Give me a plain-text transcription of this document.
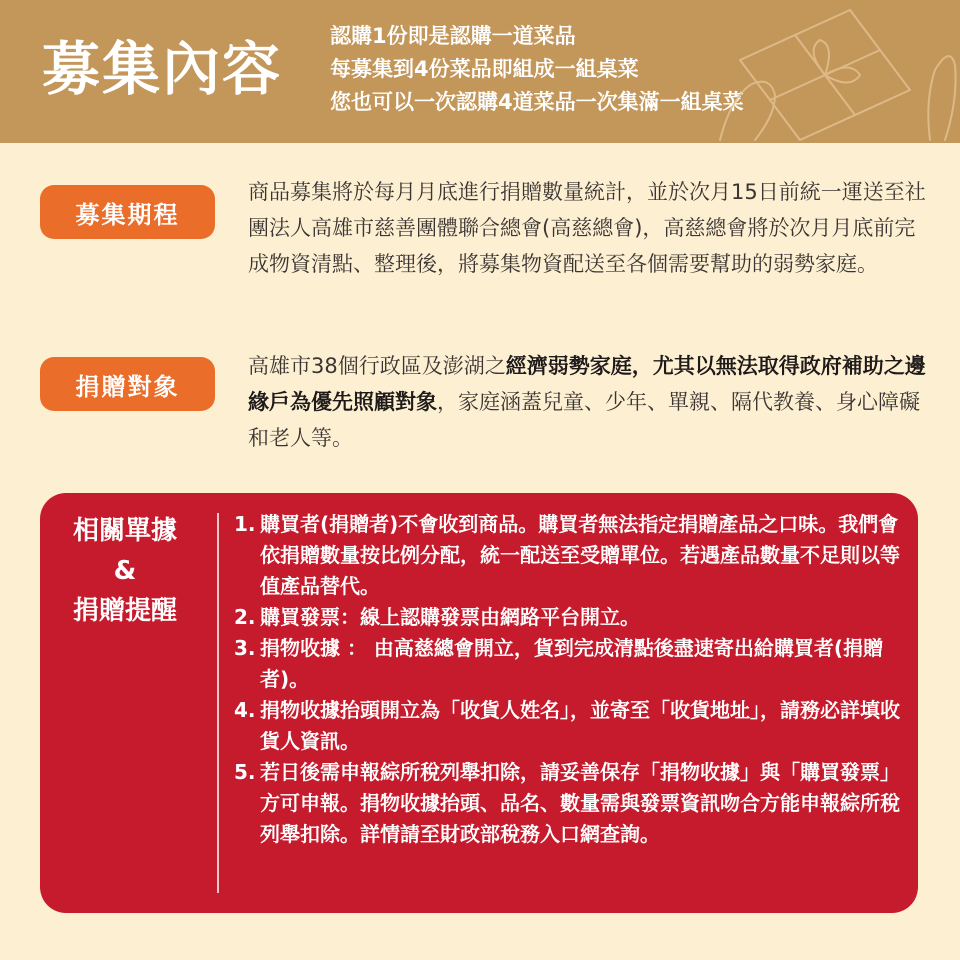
募集內容 認購1份即是認購一道菜品
每募集到4份菜品即組成一組桌菜
您也可以一次認購4道菜品一次集滿一組桌菜
募集期程
商品募集將於每月月底進行捐贈數量統計，並於次月15日前統一運送至社團法人高雄市慈善團體聯合總會(高慈總會)，高慈總會將於次月月底前完成物資清點、整理後，將募集物資配送至各個需要幫助的弱勢家庭。
捐贈對象
高雄市38個行政區及澎湖之經濟弱勢家庭，尤其以無法取得政府補助之邊緣戶為優先照顧對象，家庭涵蓋兒童、少年、單親、隔代教養、身心障礙和老人等。
相關單據
&
捐贈提醒
1. 購買者(捐贈者)不會收到商品。購買者無法指定捐贈產品之口味。我們會依捐贈數量按比例分配，統一配送至受贈單位。若遇產品數量不足則以等值產品替代。
2. 購買發票：線上認購發票由網路平台開立。
3. 捐物收據 ： 由高慈總會開立，貨到完成清點後盡速寄出給購買者(捐贈者)。
4. 捐物收據抬頭開立為「收貨人姓名」，並寄至「收貨地址」，請務必詳填收貨人資訊。
5. 若日後需申報綜所稅列舉扣除，請妥善保存「捐物收據」與「購買發票」方可申報。捐物收據抬頭、品名、數量需與發票資訊吻合方能申報綜所稅列舉扣除。詳情請至財政部稅務入口網查詢。
